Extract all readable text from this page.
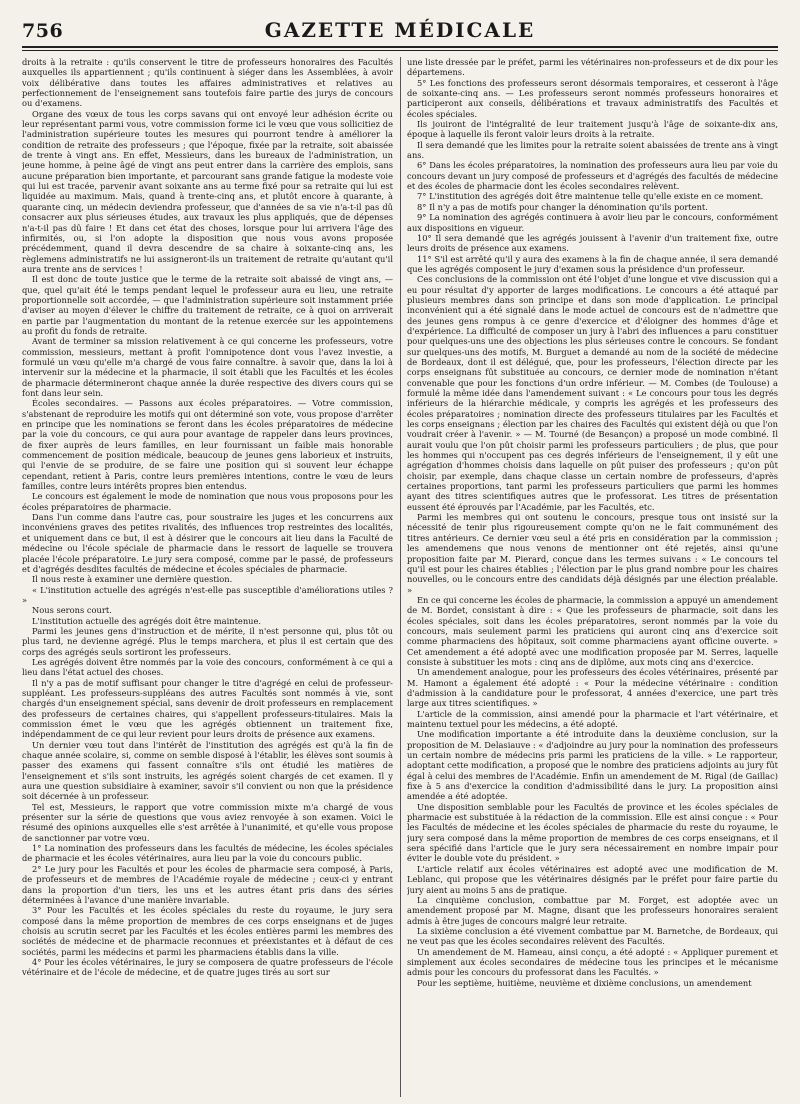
756	GAZETTE MÉDICALE

droits à la retraite : qu'ils conservent le titre de professeurs honoraires des Facultés auxquelles ils appartiennent ; qu'ils continuent à siéger dans les Assemblées, à avoir voix délibérative dans toutes les affaires administratives et relatives au perfectionnement de l'enseignement sans toutefois faire partie des jurys de concours ou d'examens.

Organe des vœux de tous les corps savans qui ont envoyé leur adhésion écrite ou leur représentant parmi vous, votre commission forme ici le vœu que vous sollicitiez de l'administration supérieure toutes les mesures qui pourront tendre à améliorer la condition de retraite des professeurs ; que l'époque, fixée par la retraite, soit abaissée de trente à vingt ans. En effet, Messieurs, dans les bureaux de l'administration, un jeune homme, à peine âgé de vingt ans peut entrer dans la carrière des emplois, sans aucune préparation bien importante, et parcourant sans grande fatigue la modeste voie qui lui est tracée, parvenir avant soixante ans au terme fixé pour sa retraite qui lui est liquidée au maximum. Mais, quand à trente-cinq ans, et plutôt encore à quarante, à quarante cinq, un médecin deviendra professeur, que d'années de sa vie n'a-t-il pas dû consacrer aux plus sérieuses études, aux travaux les plus appliqués, que de dépenses n'a-t-il pas dû faire ! Et dans cet état des choses, lorsque pour lui arrivera l'âge des infirmités, ou, si l'on adopte la disposition que nous vous avons proposée précédemment, quand il devra descendre de sa chaire à soixante-cinq ans, les règlemens administratifs ne lui assigneront-ils un traitement de retraite qu'autant qu'il aura trente ans de services !

Il est donc de toute justice que le terme de la retraite soit abaissé de vingt ans, — que, quel qu'ait été le temps pendant lequel le professeur aura eu lieu, une retraite proportionnelle soit accordée, — que l'administration supérieure soit instamment priée d'aviser au moyen d'élever le chiffre du traitement de retraite, ce à quoi on arriverait en partie par l'augmentation du montant de la retenue exercée sur les appointemens au profit du fonds de retraite.

Avant de terminer sa mission relativement à ce qui concerne les professeurs, votre commission, messieurs, mettant à profit l'omnipotence dont vous l'avez investie, a formulé un vœu qu'elle m'a chargé de vous faire connaître. à savoir que, dans la loi à intervenir sur la médecine et la pharmacie, il soit établi que les Facultés et les écoles de pharmacie détermineront chaque année la durée respective des divers cours qui se font dans leur sein.

Écoles secondaires. — Passons aux écoles préparatoires. — Votre commission, s'abstenant de reproduire les motifs qui ont déterminé son vote, vous propose d'arrêter en principe que les nominations se feront dans les écoles préparatoires de médecine par la voie du concours, ce qui aura pour avantage de rappeler dans leurs provinces, de fixer auprès de leurs familles, en leur fournissant un faible mais honorable commencement de position médicale, beaucoup de jeunes gens laborieux et instruits, qui l'envie de se produire, de se faire une position qui si souvent leur échappe cependant, retient à Paris, contre leurs premières intentions, contre le vœu de leurs familles, contre leurs intérêts propres bien entendus.

Le concours est également le mode de nomination que nous vous proposons pour les écoles préparatoires de pharmacie.

Dans l'un comme dans l'autre cas, pour soustraire les juges et les concurrens aux inconvéniens graves des petites rivalités, des influences trop restreintes des localités, et uniquement dans ce but, il est à désirer que le concours ait lieu dans la Faculté de médecine ou l'école spéciale de pharmacie dans le ressort de laquelle se trouvera placée l'école préparatoire. Le jury sera composé, comme par le passé, de professeurs et d'agrégés desdites facultés de médecine et écoles spéciales de pharmacie.

Il nous reste à examiner une dernière question.

« L'institution actuelle des agrégés n'est-elle pas susceptible d'améliorations utiles ? »

Nous serons court.

L'institution actuelle des agrégés doit être maintenue.

Parmi les jeunes gens d'instruction et de mérite, il n'est personne qui, plus tôt ou plus tard, ne devienne agrégé. Plus le temps marchera, et plus il est certain que des corps des agrégés seuls sortiront les professeurs.

Les agrégés doivent être nommés par la voie des concours, conformément à ce qui a lieu dans l'état actuel des choses.

Il n'y a pas de motif suffisant pour changer le titre d'agrégé en celui de professeur-suppléant. Les professeurs-suppléans des autres Facultés sont nommés à vie, sont chargés d'un enseignement spécial, sans devenir de droit professeurs en remplacement des professeurs de certaines chaires, qui s'appellent professeurs-titulaires. Mais la commission émet le vœu que les agrégés obtiennent un traitement fixe, indépendamment de ce qui leur revient pour leurs droits de présence aux examens.

Un dernier vœu tout dans l'intérêt de l'institution des agrégés est qu'à la fin de chaque année scolaire, si, comme on semble disposé à l'établir, les élèves sont soumis à passer des examens qui fassent connaître s'ils ont étudié les matières de l'enseignement et s'ils sont instruits, les agrégés soient chargés de cet examen. Il y aura une question subsidiaire à examiner, savoir s'il convient ou non que la présidence soit décernée à un professeur.

Tel est, Messieurs, le rapport que votre commission mixte m'a chargé de vous présenter sur la série de questions que vous aviez renvoyée à son examen. Voici le résumé des opinions auxquelles elle s'est arrêtée à l'unanimité, et qu'elle vous propose de sanctionner par votre vœu.

1° La nomination des professeurs dans les facultés de médecine, les écoles spéciales de pharmacie et les écoles vétérinaires, aura lieu par la voie du concours public.

2° Le jury pour les Facultés et pour les écoles de pharmacie sera composé, à Paris, de professeurs et de membres de l'Académie royale de médecine ; ceux-ci y entrant dans la proportion d'un tiers, les uns et les autres étant pris dans des séries déterminées à l'avance d'une manière invariable.

3° Pour les Facultés et les écoles spéciales du reste du royaume, le jury sera composé dans la même proportion de membres de ces corps enseignans et de juges choisis au scrutin secret par les Facultés et les écoles entières parmi les membres des sociétés de médecine et de pharmacie reconnues et préexistantes et à défaut de ces sociétés, parmi les médecins et parmi les pharmaciens établis dans la ville.

4° Pour les écoles vétérinaires, le jury se composera de quatre professeurs de l'école vétérinaire et de l'école de médecine, et de quatre juges tirés au sort sur

une liste dressée par le préfet, parmi les vétérinaires non-professeurs et de dix pour les départemens.

5° Les fonctions des professeurs seront désormais temporaires, et cesseront à l'âge de soixante-cinq ans. — Les professeurs seront nommés professeurs honoraires et participeront aux conseils, délibérations et travaux administratifs des Facultés et écoles spéciales.

Ils jouiront de l'intégralité de leur traitement jusqu'à l'âge de soixante-dix ans, époque à laquelle ils feront valoir leurs droits à la retraite.

Il sera demandé que les limites pour la retraite soient abaissées de trente ans à vingt ans.

6° Dans les écoles préparatoires, la nomination des professeurs aura lieu par voie du concours devant un jury composé de professeurs et d'agrégés des facultés de médecine et des écoles de pharmacie dont les écoles secondaires relèvent.

7° L'institution des agrégés doit être maintenue telle qu'elle existe en ce moment.

8° Il n'y a pas de motifs pour changer la dénomination qu'ils portent.

9° La nomination des agrégés continuera à avoir lieu par le concours, conformément aux dispositions en vigueur.

10° Il sera demandé que les agrégés jouissent à l'avenir d'un traitement fixe, outre leurs droits de présence aux examens.

11° S'il est arrêté qu'il y aura des examens à la fin de chaque année, il sera demandé que les agrégés composent le jury d'examen sous la présidence d'un professeur.

Ces conclusions de la commission ont été l'objet d'une longue et vive discussion qui a eu pour résultat d'y apporter de larges modifications. Le concours a été attaqué par plusieurs membres dans son principe et dans son mode d'application. Le principal inconvénient qui a été signalé dans le mode actuel de concours est de n'admettre que des jeunes gens rompus à ce genre d'exercice et d'éloigner des hommes d'âge et d'expérience. La difficulté de composer un jury à l'abri des influences a paru constituer pour quelques-uns une des objections les plus sérieuses contre le concours. Se fondant sur quelques-uns des motifs, M. Burguet a demandé au nom de la société de médecine de Bordeaux, dont il est délégué, que, pour les professeurs, l'élection directe par les corps enseignans fût substituée au concours, ce dernier mode de nomination n'étant convenable que pour les fonctions d'un ordre inférieur. — M. Combes (de Toulouse) a formulé la même idée dans l'amendement suivant : « Le concours pour tous les degrés inférieurs de la hiérarchie médicale, y compris les agrégés et les professeurs des écoles préparatoires ; nomination directe des professeurs titulaires par les Facultés et les corps enseignans ; élection par les chaires des Facultés qui existent déjà ou que l'on voudrait créer à l'avenir. » — M. Tourné (de Besançon) a proposé un mode combiné. Il aurait voulu que l'on pût choisir parmi les professeurs particuliers ; de plus, que pour les hommes qui n'occupent pas ces degrés inférieurs de l'enseignement, il y eût une agrégation d'hommes choisis dans laquelle on pût puiser des professeurs ; qu'on pût choisir, par exemple, dans chaque classe un certain nombre de professeurs, d'après certaines proportions, tant parmi les professeurs particuliers que parmi les hommes ayant des titres scientifiques autres que le professorat. Les titres de présentation eussent été éprouvés par l'Académie, par les Facultés, etc.

Parmi les membres qui ont soutenu le concours, presque tous ont insisté sur la nécessité de tenir plus rigoureusement compte qu'on ne le fait communément des titres antérieurs. Ce dernier vœu seul a été pris en considération par la commission ; les amendemens que nous venons de mentionner ont été rejetés, ainsi qu'une proposition faite par M. Pierard, conçue dans les termes suivans : « Le concours tel qu'il est pour les chaires établies ; l'élection par le plus grand nombre pour les chaires nouvelles, ou le concours entre des candidats déjà désignés par une élection préalable. »

En ce qui concerne les écoles de pharmacie, la commission a appuyé un amendement de M. Bordet, consistant à dire : « Que les professeurs de pharmacie, soit dans les écoles spéciales, soit dans les écoles préparatoires, seront nommés par la voie du concours, mais seulement parmi les praticiens qui auront cinq ans d'exercice soit comme pharmaciens des hôpitaux, soit comme pharmaciens ayant officine ouverte. » Cet amendement a été adopté avec une modification proposée par M. Serres, laquelle consiste à substituer les mots : cinq ans de diplôme, aux mots cinq ans d'exercice.

Un amendement analogue, pour les professeurs des écoles vétérinaires, présenté par M. Hamont a également été adopté : « Pour la médecine vétérinaire : condition d'admission à la candidature pour le professorat, 4 années d'exercice, une part très large aux titres scientifiques. »

L'article de la commission, ainsi amendé pour la pharmacie et l'art vétérinaire, et maintenu textuel pour les médecins, a été adopté.

Une modification importante a été introduite dans la deuxième conclusion, sur la proposition de M. Delasiauve : « d'adjoindre au jury pour la nomination des professeurs un certain nombre de médecins pris parmi les praticiens de la ville. » Le rapporteur, adoptant cette modification, a proposé que le nombre des praticiens adjoints au jury fût égal à celui des membres de l'Académie. Enfin un amendement de M. Rigal (de Gaillac) fixe à 5 ans d'exercice la condition d'admissibilité dans le jury. La proposition ainsi amendée a été adoptée.

Une disposition semblable pour les Facultés de province et les écoles spéciales de pharmacie est substituée à la rédaction de la commission. Elle est ainsi conçue : « Pour les Facultés de médecine et les écoles spéciales de pharmacie du reste du royaume, le jury sera composé dans la même proportion de membres de ces corps enseignans, et il sera spécifié dans l'article que le jury sera nécessairement en nombre impair pour éviter le double vote du président. »

L'article relatif aux écoles vétérinaires est adopté avec une modification de M. Leblanc, qui propose que les vétérinaires désignés par le préfet pour faire partie du jury aient au moins 5 ans de pratique.

La cinquième conclusion, combattue par M. Forget, est adoptée avec un amendement proposé par M. Magne, disant que les professeurs honoraires seraient admis à être juges de concours malgré leur retraite.

La sixième conclusion a été vivement combattue par M. Barnetche, de Bordeaux, qui ne veut pas que les écoles secondaires relèvent des Facultés.

Un amendement de M. Hameau, ainsi conçu, a été adopté : « Appliquer purement et simplement aux écoles secondaires de médecine tous les principes et le mécanisme admis pour les concours du professorat dans les Facultés. »

Pour les septième, huitième, neuvième et dixième conclusions, un amendement
